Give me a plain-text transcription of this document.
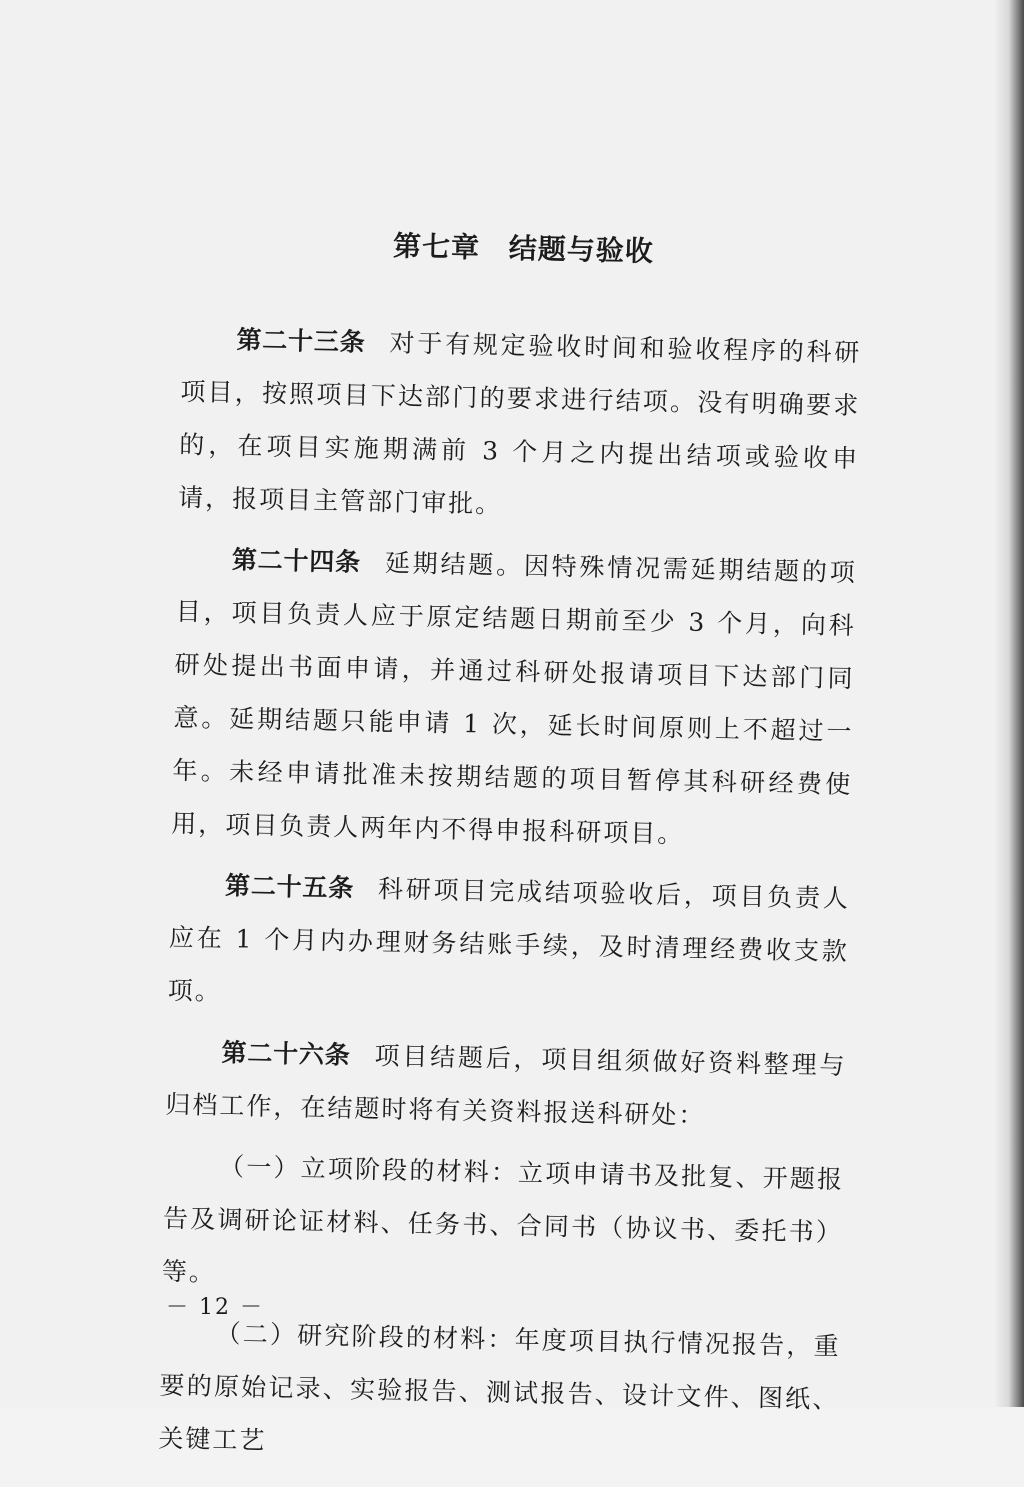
第七章 结题与验收

第二十三条 对于有规定验收时间和验收程序的科研项目，按照项目下达部门的要求进行结项。没有明确要求的，在项目实施期满前 3 个月之内提出结项或验收申请，报项目主管部门审批。

第二十四条 延期结题。因特殊情况需延期结题的项目，项目负责人应于原定结题日期前至少 3 个月，向科研处提出书面申请，并通过科研处报请项目下达部门同意。延期结题只能申请 1 次，延长时间原则上不超过一年。未经申请批准未按期结题的项目暂停其科研经费使用，项目负责人两年内不得申报科研项目。

第二十五条 科研项目完成结项验收后，项目负责人应在 1 个月内办理财务结账手续，及时清理经费收支款项。

第二十六条 项目结题后，项目组须做好资料整理与归档工作，在结题时将有关资料报送科研处：

（一）立项阶段的材料：立项申请书及批复、开题报告及调研论证材料、任务书、合同书（协议书、委托书）等。

（二）研究阶段的材料：年度项目执行情况报告，重要的原始记录、实验报告、测试报告、设计文件、图纸、关键工艺

－ 12 －
